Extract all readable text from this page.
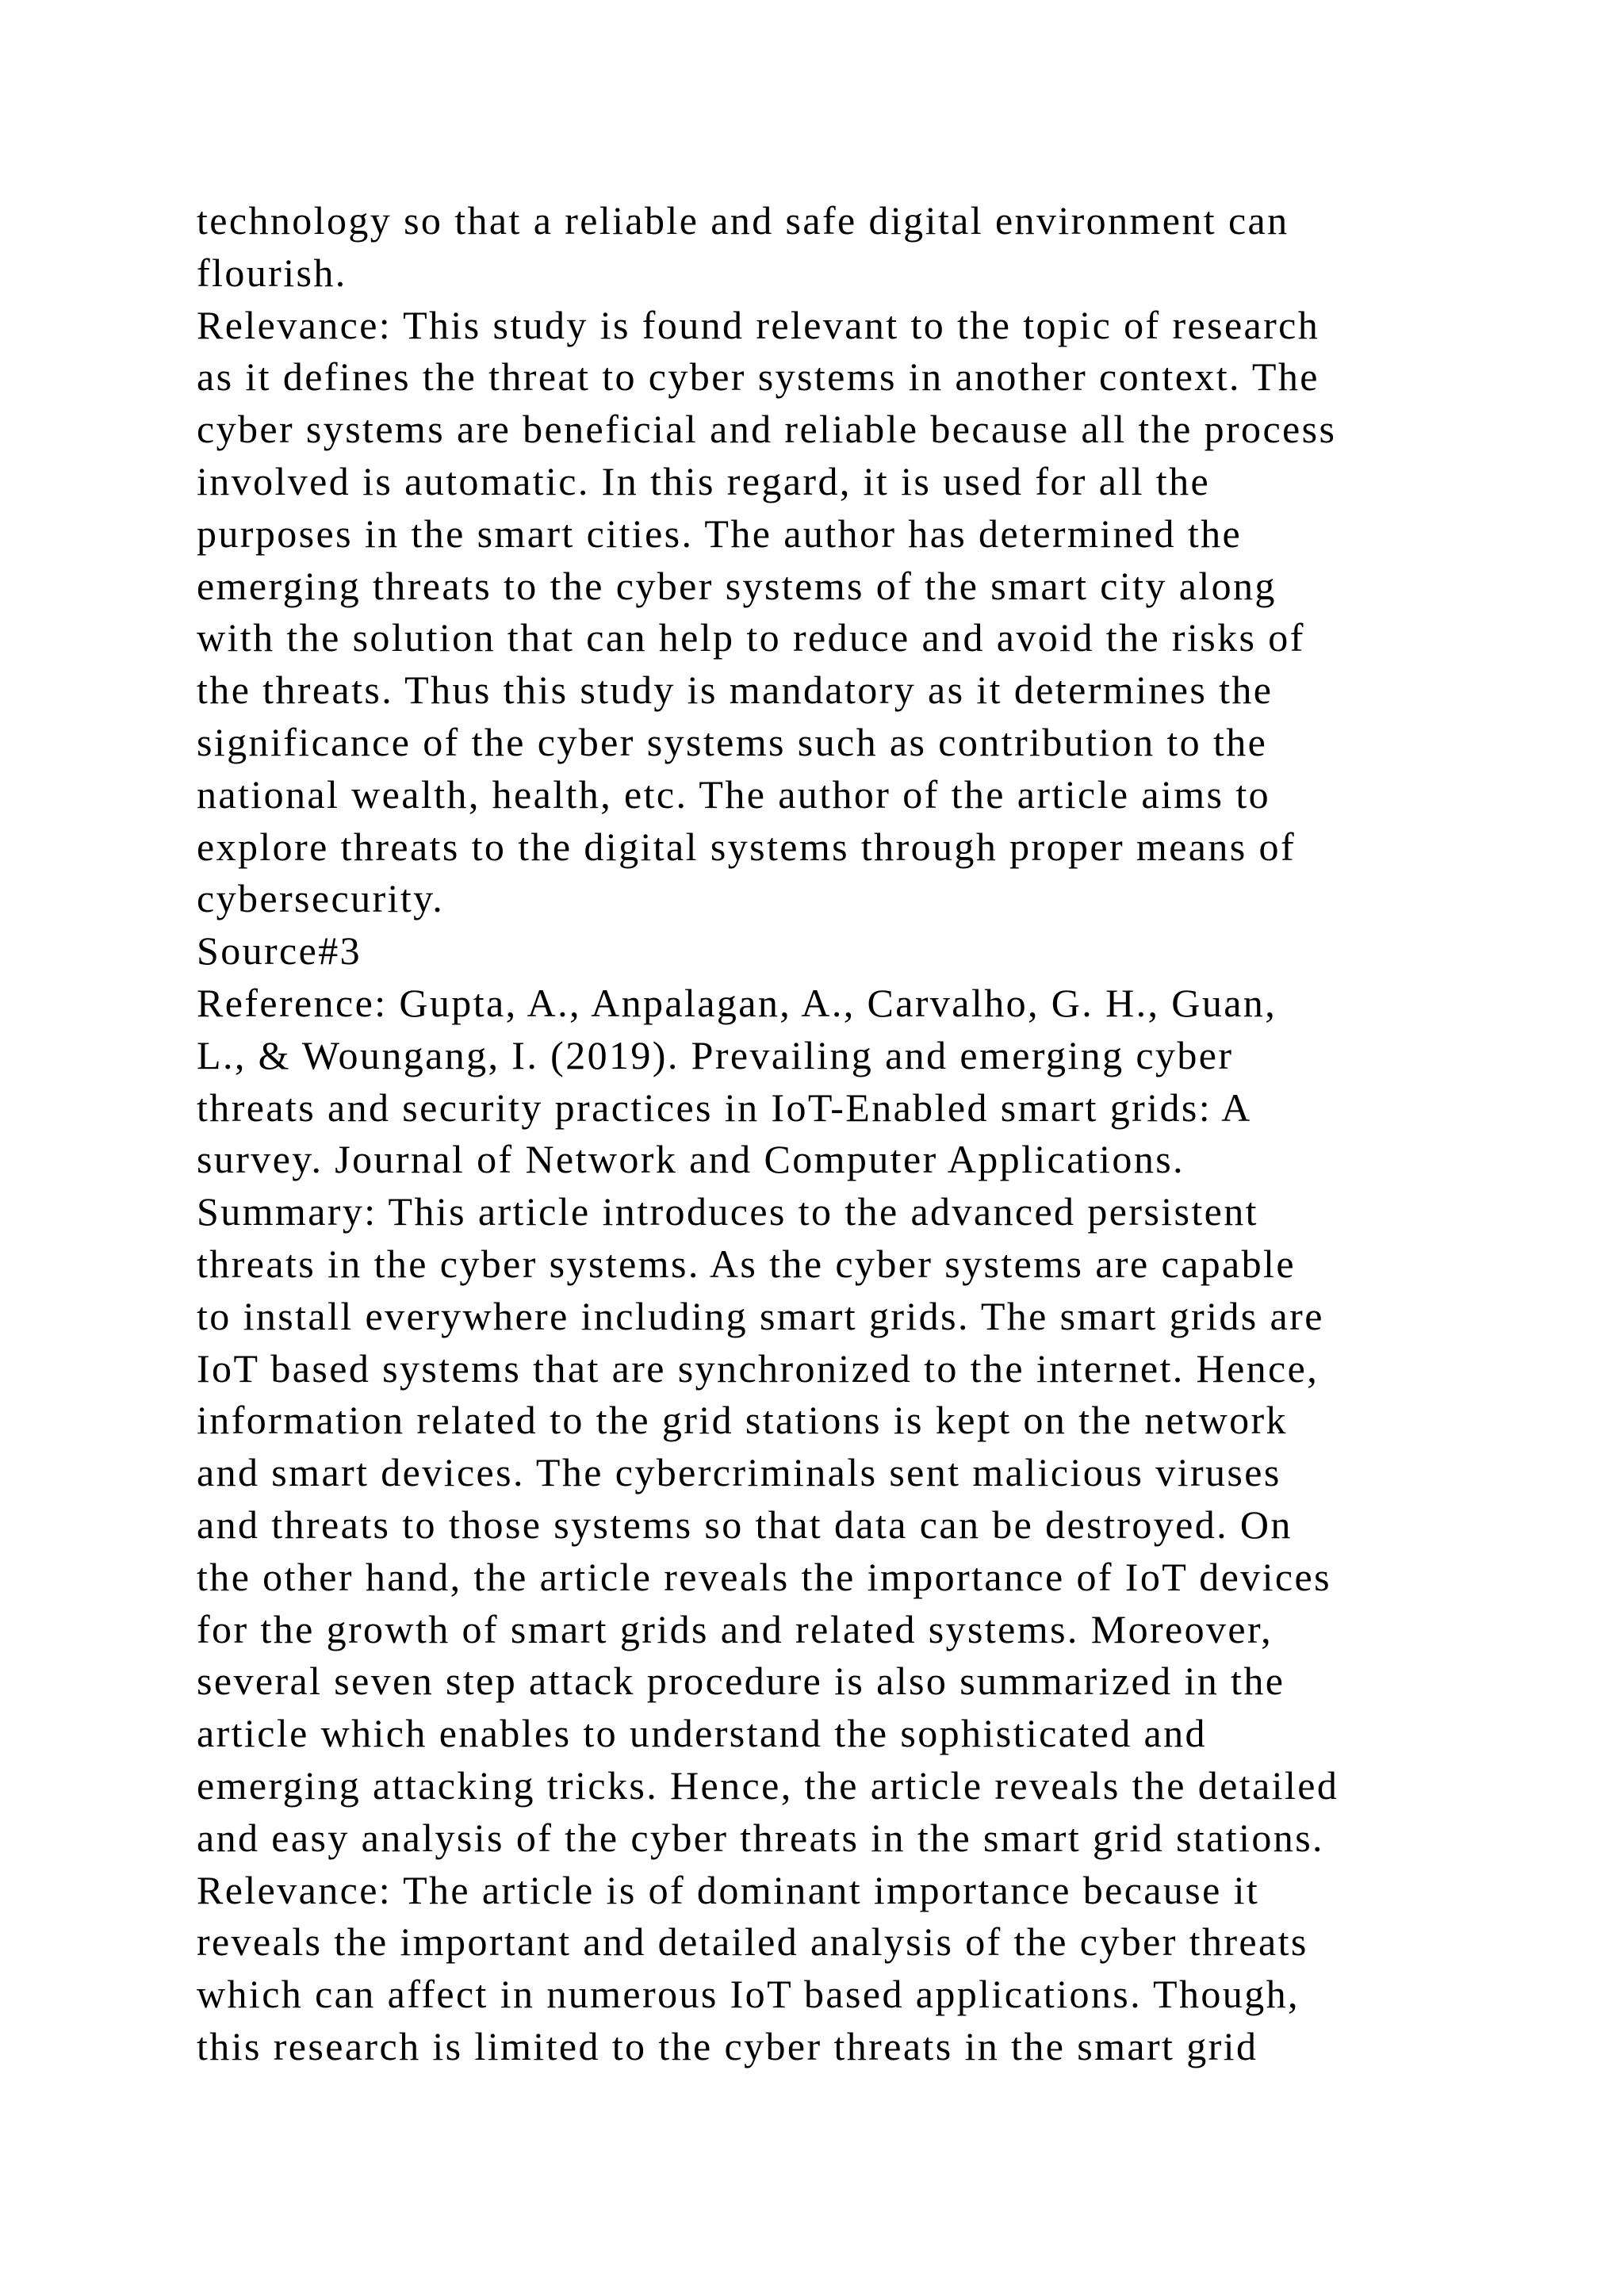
technology so that a reliable and safe digital environment can
flourish.
Relevance: This study is found relevant to the topic of research
as it defines the threat to cyber systems in another context. The
cyber systems are beneficial and reliable because all the process
involved is automatic. In this regard, it is used for all the
purposes in the smart cities. The author has determined the
emerging threats to the cyber systems of the smart city along
with the solution that can help to reduce and avoid the risks of
the threats. Thus this study is mandatory as it determines the
significance of the cyber systems such as contribution to the
national wealth, health, etc. The author of the article aims to
explore threats to the digital systems through proper means of
cybersecurity.
Source#3
Reference: Gupta, A., Anpalagan, A., Carvalho, G. H., Guan,
L., & Woungang, I. (2019). Prevailing and emerging cyber
threats and security practices in IoT-Enabled smart grids: A
survey. Journal of Network and Computer Applications.
Summary: This article introduces to the advanced persistent
threats in the cyber systems. As the cyber systems are capable
to install everywhere including smart grids. The smart grids are
IoT based systems that are synchronized to the internet. Hence,
information related to the grid stations is kept on the network
and smart devices. The cybercriminals sent malicious viruses
and threats to those systems so that data can be destroyed. On
the other hand, the article reveals the importance of IoT devices
for the growth of smart grids and related systems. Moreover,
several seven step attack procedure is also summarized in the
article which enables to understand the sophisticated and
emerging attacking tricks. Hence, the article reveals the detailed
and easy analysis of the cyber threats in the smart grid stations.
Relevance: The article is of dominant importance because it
reveals the important and detailed analysis of the cyber threats
which can affect in numerous IoT based applications. Though,
this research is limited to the cyber threats in the smart grid
